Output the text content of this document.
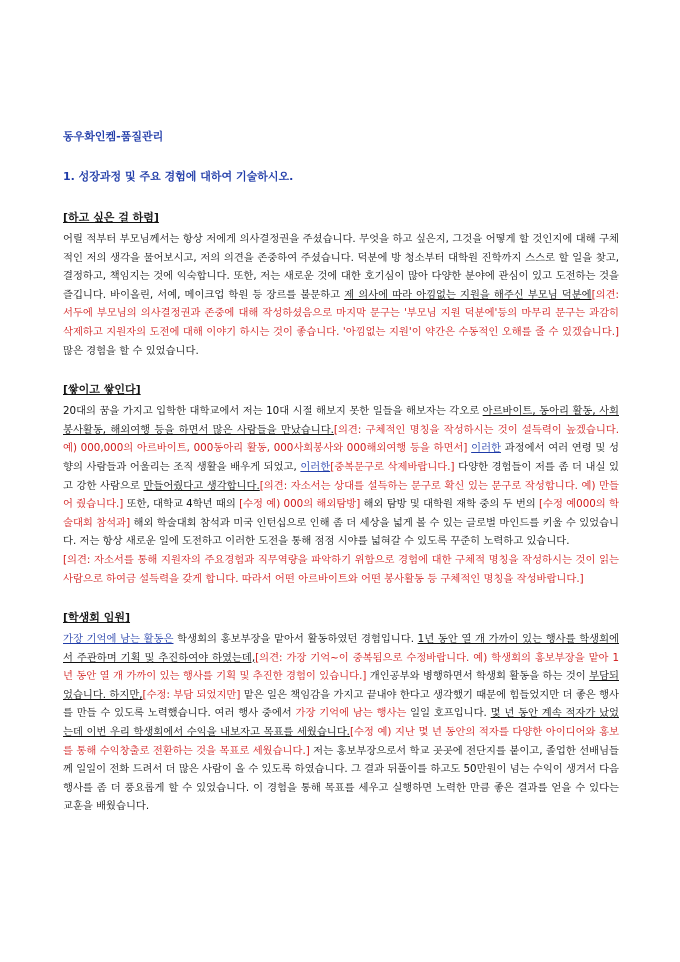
동우화인켐-품질관리
1. 성장과정 및 주요 경험에 대하여 기술하시오.
[하고 싶은 걸 하렴]
어릴 적부터 부모님께서는 항상 저에게 의사결정권을 주셨습니다. 무엇을 하고 싶은지, 그것을 어떻게 할 것인지에 대해 구체적인 저의 생각을 물어보시고, 저의 의견을 존중하여 주셨습니다. 덕분에 방 청소부터 대학원 진학까지 스스로 할 일을 찾고, 결정하고, 책임지는 것에 익숙합니다. 또한, 저는 새로운 것에 대한 호기심이 많아 다양한 분야에 관심이 있고 도전하는 것을 즐깁니다. 바이올린, 서예, 메이크업 학원 등 장르를 불문하고 제 의사에 따라 아낌없는 지원을 해주신 부모님 덕분에[의견: 서두에 부모님의 의사결정권과 존중에 대해 작성하셨음으로 마지막 문구는 '부모님 지원 덕분에'등의 마무리 문구는 과감히 삭제하고 지원자의 도전에 대해 이야기 하시는 것이 좋습니다. '아낌없는 지원'이 약간은 수동적인 오해를 줄 수 있겠습니다.] 많은 경험을 할 수 있었습니다.
[쌓이고 쌓인다]
20대의 꿈을 가지고 입학한 대학교에서 저는 10대 시절 해보지 못한 일들을 해보자는 각오로 아르바이트, 동아리 활동, 사회 봉사활동, 해외여행 등을 하면서 많은 사람들을 만났습니다.[의견: 구체적인 명칭을 작성하시는 것이 설득력이 높겠습니다. 예) 000,000의 아르바이트, 000동아리 활동, 000사회봉사와 000해외여행 등을 하면서] 이러한 과정에서 여러 연령 및 성향의 사람들과 어울리는 조직 생활을 배우게 되었고, 이러한[중복문구로 삭제바랍니다.] 다양한 경험들이 저를 좀 더 내실 있고 강한 사람으로 만들어줬다고 생각합니다.[의견: 자소서는 상대를 설득하는 문구로 확신 있는 문구로 작성합니다. 예) 만들어 줬습니다.] 또한, 대학교 4학년 때의 [수정 예) 000의 해외탐방] 해외 탐방 및 대학원 재학 중의 두 번의 [수정 예000의 학술대회 참석과] 해외 학술대회 참석과 미국 인턴십으로 인해 좀 더 세상을 넓게 볼 수 있는 글로벌 마인드를 키울 수 있었습니다. 저는 항상 새로운 일에 도전하고 이러한 도전을 통해 점점 시야를 넓혀갈 수 있도록 꾸준히 노력하고 있습니다.
[의견: 자소서를 통해 지원자의 주요경험과 직무역량을 파악하기 위함으로 경험에 대한 구체적 명칭을 작성하시는 것이 읽는 사람으로 하여금 설득력을 갖게 합니다. 따라서 어떤 아르바이트와 어떤 봉사활동 등 구체적인 명칭을 작성바랍니다.]
[학생회 임원]
가장 기억에 남는 활동은 학생회의 홍보부장을 맡아서 활동하였던 경험입니다. 1년 동안 열 개 가까이 있는 행사를 학생회에서 주관하며 기획 및 추진하여야 하였는데,[의견: 가장 기억~이 중복됨으로 수정바랍니다. 예) 학생회의 홍보부장을 맡아 1년 동안 열 개 가까이 있는 행사를 기획 및 추진한 경험이 있습니다.] 개인공부와 병행하면서 학생회 활동을 하는 것이 부담되었습니다. 하지만,[수정: 부담 되었지만] 맡은 일은 책임감을 가지고 끝내야 한다고 생각했기 때문에 힘들었지만 더 좋은 행사를 만들 수 있도록 노력했습니다. 여러 행사 중에서 가장 기억에 남는 행사는 일일 호프입니다. 몇 년 동안 계속 적자가 났었는데 이번 우리 학생회에서 수익을 내보자고 목표를 세웠습니다.[수정 예) 지난 몇 년 동안의 적자를 다양한 아이디어와 홍보를 통해 수익창출로 전환하는 것을 목표로 세웠습니다.] 저는 홍보부장으로서 학교 곳곳에 전단지를 붙이고, 졸업한 선배님들께 일일이 전화 드려서 더 많은 사람이 올 수 있도록 하였습니다. 그 결과 뒤풀이를 하고도 50만원이 넘는 수익이 생겨서 다음 행사를 좀 더 풍요롭게 할 수 있었습니다. 이 경험을 통해 목표를 세우고 실행하면 노력한 만큼 좋은 결과를 얻을 수 있다는 교훈을 배웠습니다.
